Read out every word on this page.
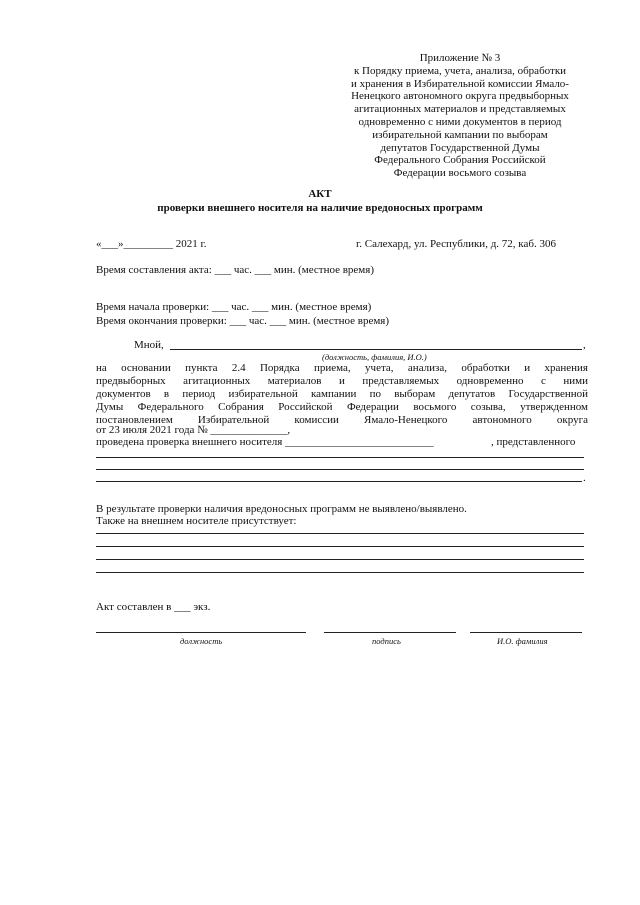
Приложение № 3
к Порядку приема, учета, анализа, обработки
и хранения в Избирательной комиссии Ямало-
Ненецкого автономного округа предвыборных
агитационных материалов и представляемых
одновременно с ними документов в период
избирательной кампании по выборам
депутатов Государственной Думы
Федерального Собрания Российской
Федерации восьмого созыва
АКТ
проверки внешнего носителя на наличие вредоносных программ
«___»_________ 2021 г.	г. Салехард, ул. Республики, д. 72, каб. 306
Время составления акта: ___ час. ___ мин. (местное время)
Время начала проверки: ___ час. ___ мин. (местное время)
Время окончания проверки: ___ час. ___ мин. (местное время)
Мной,	,
(должность, фамилия, И.О.)
на основании пункта 2.4 Порядка приема, учета, анализа, обработки и хранения
предвыборных агитационных материалов и представляемых одновременно с ними
документов в период избирательной кампании по выборам депутатов Государственной
Думы Федерального Собрания Российской Федерации восьмого созыва, утвержденном
постановлением Избирательной комиссии Ямало-Ненецкого автономного округа
от 23 июля 2021 года № ______________,
проведена проверка внешнего носителя ___________________________	, представленного
.
В результате проверки наличия вредоносных программ не выявлено/выявлено.
Также на внешнем носителе присутствует:
Акт составлен в ___ экз.
должность	подпись	И.О. фамилия
